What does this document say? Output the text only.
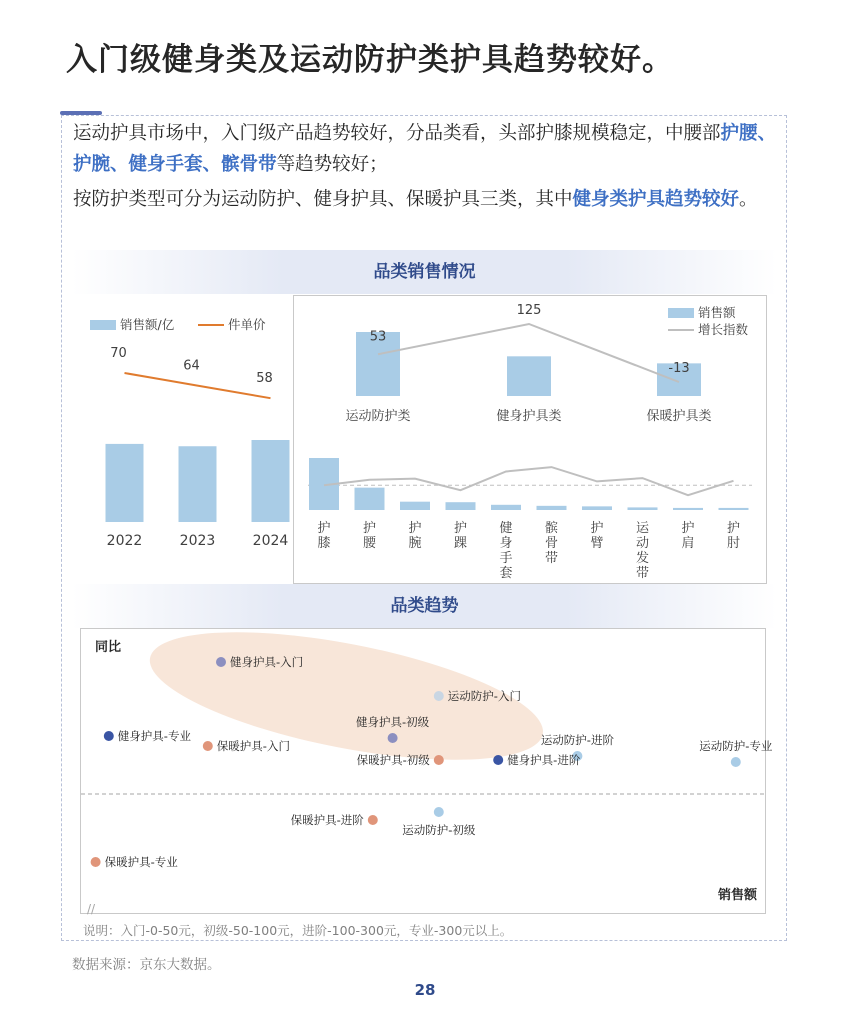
入门级健身类及运动防护类护具趋势较好。

运动护具市场中，入门级产品趋势较好，分品类看，头部护膝规模稳定，中腰部护腰、护腕、健身手套、髌骨带等趋势较好；

按防护类型可分为运动防护、健身护具、保暖护具三类，其中健身类护具趋势较好。

品类销售情况
销售额/亿	件单价
2022	2023	2024
70
64
58
销售额
增长指数
运动防护类	健身护具类	保暖护具类
53
125
-13
护
膝
护
腰
护
腕
护
踝
健
身
手
套
髌
骨
带
护
臂
运
动
发
带
护
肩
护
肘
品类趋势
同比
销售额
//
健身护具-入门
运动防护-入门
健身护具-初级
健身护具-专业
保暖护具-入门	运动防护-进阶	运动防护-专业
保暖护具-初级	健身护具-进阶
运动防护-初级
保暖护具-进阶
保暖护具-专业
说明：入门-0-50元，初级-50-100元，进阶-100-300元，专业-300元以上。
数据来源：京东大数据。
28
